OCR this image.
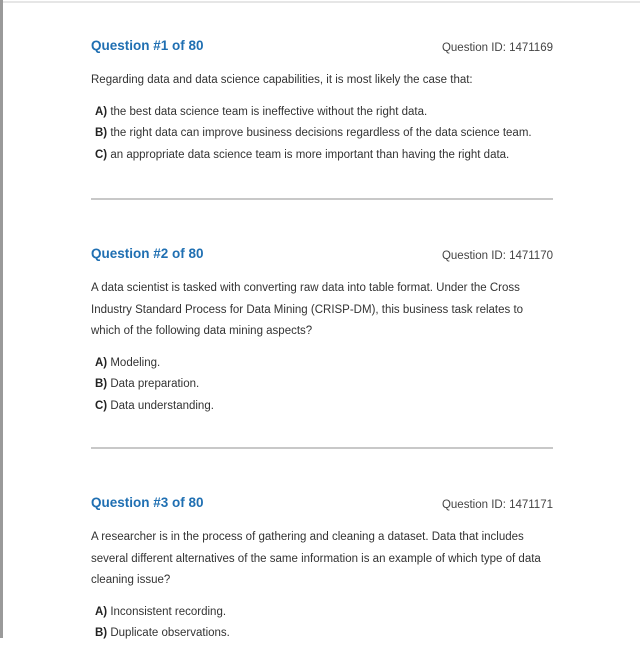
Question #1 of 80	Question ID: 1471169
Regarding data and data science capabilities, it is most likely the case that:
A) the best data science team is ineffective without the right data.
B) the right data can improve business decisions regardless of the data science team.
C) an appropriate data science team is more important than having the right data.
Question #2 of 80	Question ID: 1471170
A data scientist is tasked with converting raw data into table format. Under the Cross Industry Standard Process for Data Mining (CRISP-DM), this business task relates to which of the following data mining aspects?
A) Modeling.
B) Data preparation.
C) Data understanding.
Question #3 of 80	Question ID: 1471171
A researcher is in the process of gathering and cleaning a dataset. Data that includes several different alternatives of the same information is an example of which type of data cleaning issue?
A) Inconsistent recording.
B) Duplicate observations.
